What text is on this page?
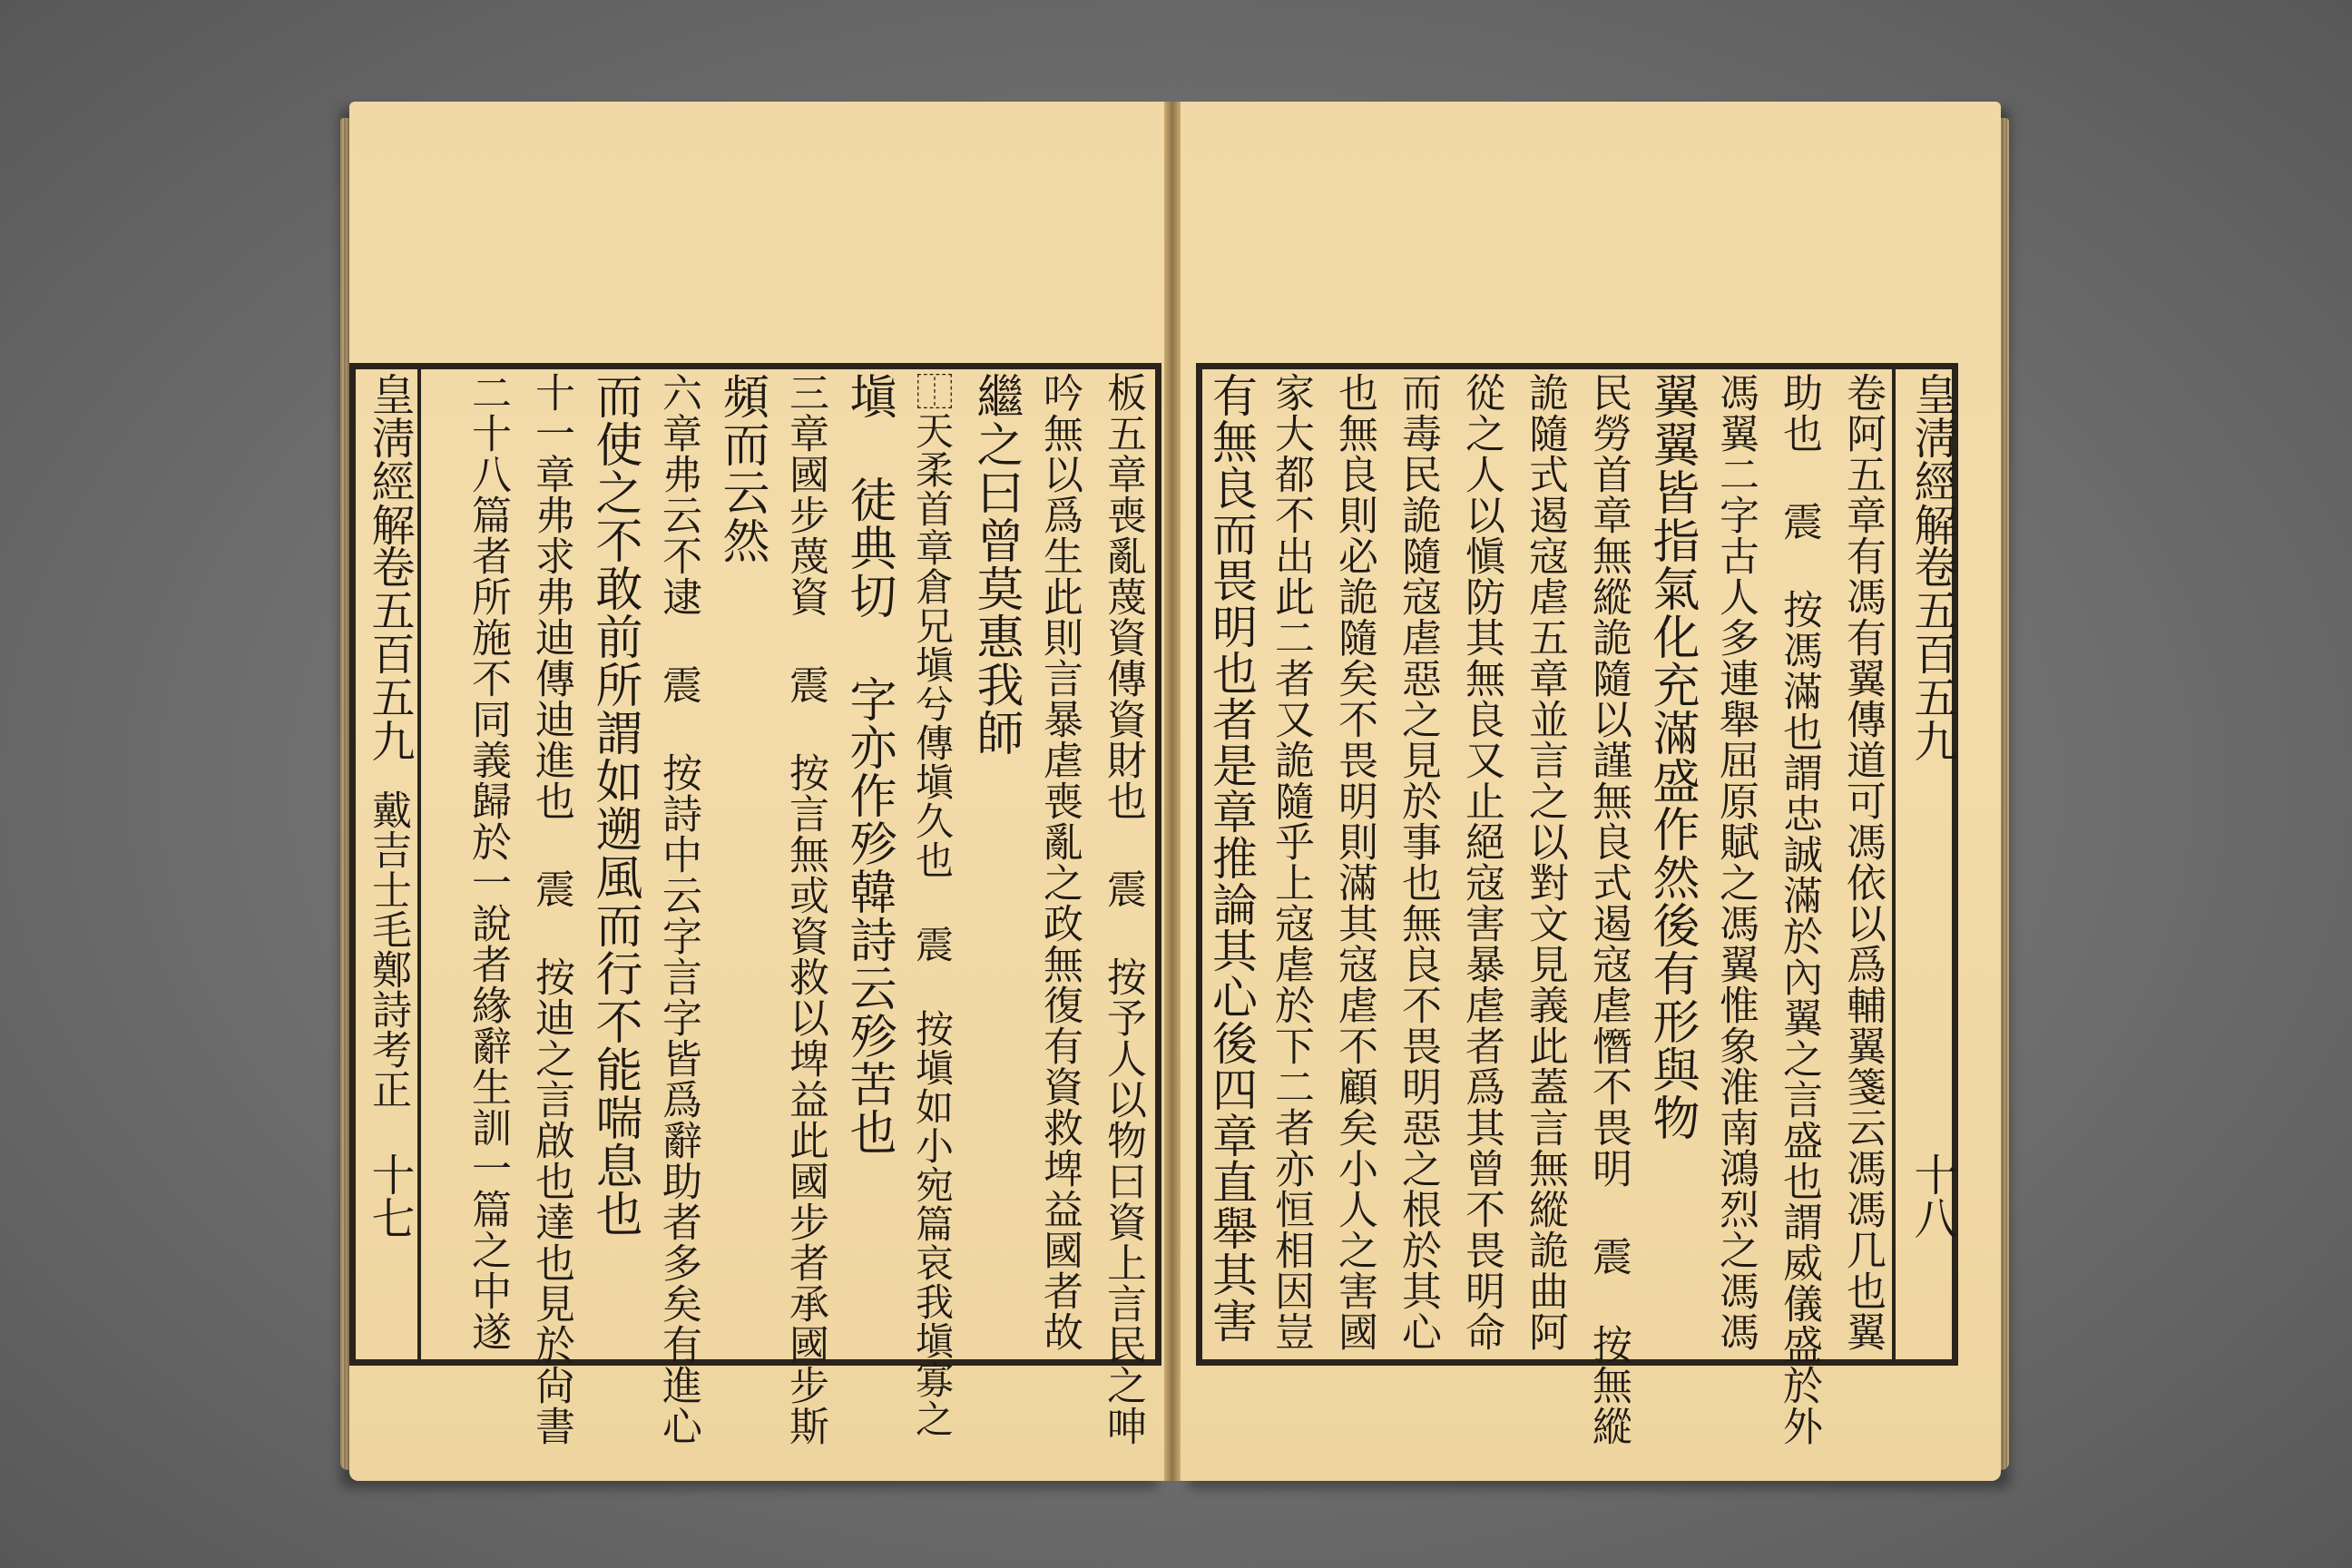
皇淸經解
卷五百五九
戴吉士毛鄭詩考正
十七	板五章喪亂蔑資傳資財也 震 按予人以物曰資上言民之呻
吟無以爲生此則言暴虐喪亂之政無復有資救埤益國者故
繼之曰曾莫惠我師
⿰天柔首章倉兄塡兮傳塡久也 震 按塡如小宛篇哀我塡寡之
塡 徒典切 字亦作殄韓詩云殄苦也
三章國步蔑資 震 按言無或資救以埤益此國步者承國步斯
頻而云然
六章弗云不逮 震 按詩中云字言字皆爲辭助者多矣有進心
而使之不敢前所謂如遡風而行不能喘息也
十一章弗求弗迪傳迪進也 震 按迪之言啟也達也見於尙書
二十八篇者所施不同義歸於一說者緣辭生訓一篇之中遂	皇淸經解
卷五百五九
十八
卷阿五章有馮有翼傳道可馮依以爲輔翼箋云馮馮几也翼
助也 震 按馮滿也謂忠誠滿於內翼之言盛也謂威儀盛於外
馮翼二字古人多連舉屈原賦之馮翼惟象淮南鴻烈之馮馮
翼翼皆指氣化充滿盛作然後有形與物
民勞首章無縱詭隨以謹無良式遏寇虐憯不畏明 震 按無縱
詭隨式遏寇虐五章並言之以對文見義此蓋言無縱詭曲阿
從之人以愼防其無良又止絕寇害暴虐者爲其曾不畏明命
而毒民詭隨寇虐惡之見於事也無良不畏明惡之根於其心
也無良則必詭隨矣不畏明則滿其寇虐不顧矣小人之害國
家大都不出此二者又詭隨乎上寇虐於下二者亦恒相因豈
有無良而畏明也者是章推論其心後四章直舉其害
